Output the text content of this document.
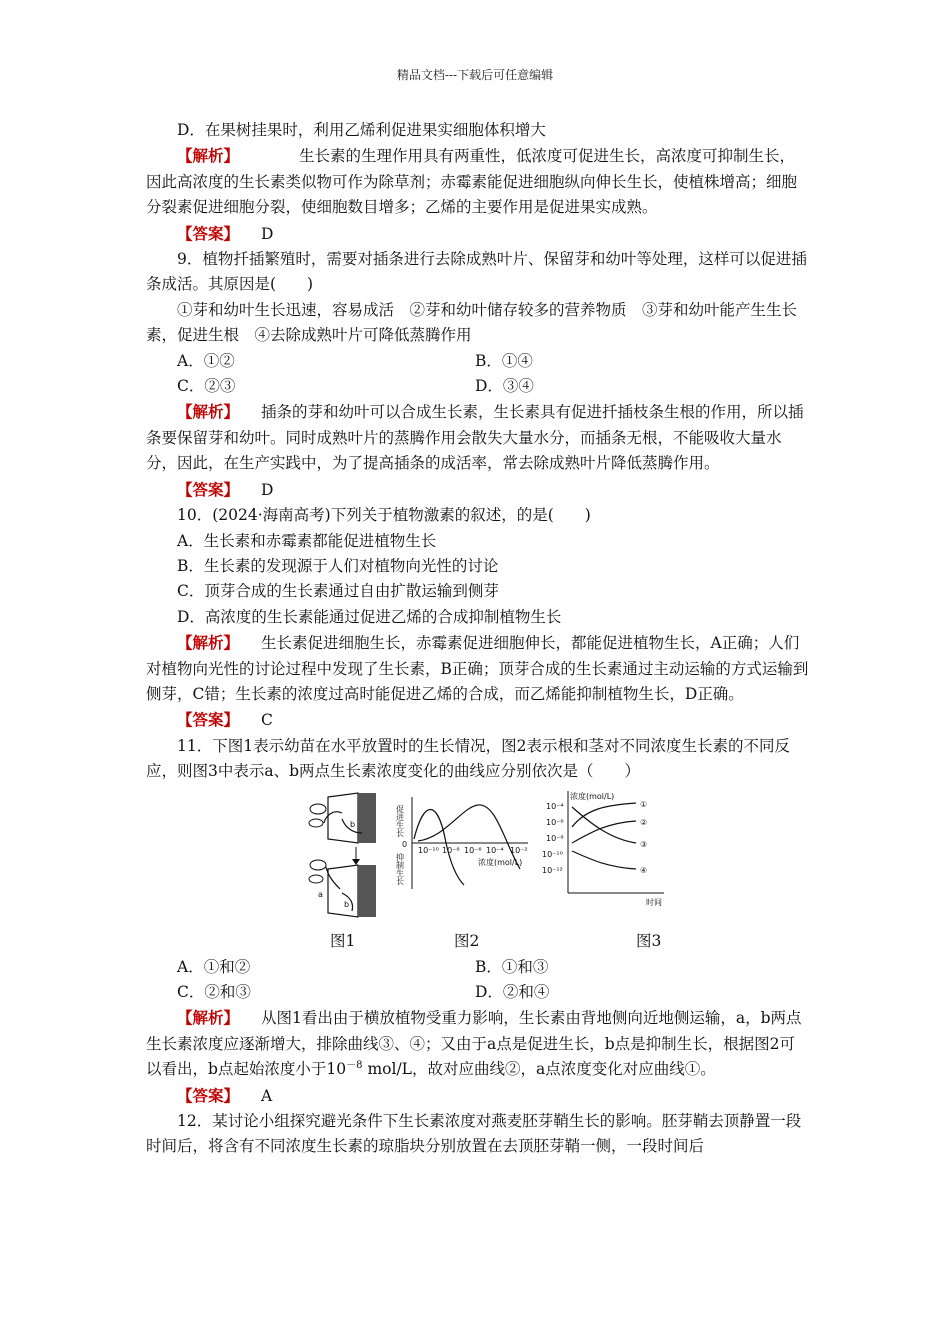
精品文档---下载后可任意编辑

D．在果树挂果时，利用乙烯利促进果实细胞体积增大

【解析】	生长素的生理作用具有两重性，低浓度可促进生长，高浓度可抑制生长，因此高浓度的生长素类似物可作为除草剂；赤霉素能促进细胞纵向伸长生长，使植株增高；细胞分裂素促进细胞分裂，使细胞数目增多；乙烯的主要作用是促进果实成熟。

【答案】 D

9．植物扦插繁殖时，需要对插条进行去除成熟叶片、保留芽和幼叶等处理，这样可以促进插条成活。其原因是(　　)

①芽和幼叶生长迅速，容易成活　②芽和幼叶储存较多的营养物质　③芽和幼叶能产生生长素，促进生根　④去除成熟叶片可降低蒸腾作用

A．①②	B．①④
C．②③	D．③④

【解析】 插条的芽和幼叶可以合成生长素，生长素具有促进扦插枝条生根的作用，所以插条要保留芽和幼叶。同时成熟叶片的蒸腾作用会散失大量水分，而插条无根，不能吸收大量水分，因此，在生产实践中，为了提高插条的成活率，常去除成熟叶片降低蒸腾作用。

【答案】 D

10．(2024·海南高考)下列关于植物激素的叙述，的是(　　)

A．生长素和赤霉素都能促进植物生长

B．生长素的发现源于人们对植物向光性的讨论

C．顶芽合成的生长素通过自由扩散运输到侧芽

D．高浓度的生长素能通过促进乙烯的合成抑制植物生长

【解析】 生长素促进细胞生长，赤霉素促进细胞伸长，都能促进植物生长，A正确；人们对植物向光性的讨论过程中发现了生长素，B正确；顶芽合成的生长素通过主动运输的方式运输到侧芽，C错；生长素的浓度过高时能促进乙烯的合成，而乙烯能抑制植物生长，D正确。

【答案】 C

11．下图1表示幼苗在水平放置时的生长情况，图2表示根和茎对不同浓度生长素的不同反应，则图3中表示a、b两点生长素浓度变化的曲线应分别依次是（　　）

b
a
b
促进生长
0
抑制生长
10⁻¹⁰ 10⁻⁸ 10⁻⁶ 10⁻⁴ 10⁻²
浓度(mol/L)
浓度(mol/L)
10⁻⁴
10⁻⁶
10⁻⁸
10⁻¹⁰
10⁻¹²
①
②
③
④
时间
图1	图2	图3
A．①和②	B．①和③
C．②和③	D．②和④

【解析】 从图1看出由于横放植物受重力影响，生长素由背地侧向近地侧运输，a，b两点生长素浓度应逐渐增大，排除曲线③、④；又由于a点是促进生长，b点是抑制生长，根据图2可以看出，b点起始浓度小于$10^{-8}$ mol/L，故对应曲线②，a点浓度变化对应曲线①。

【答案】 A

12．某讨论小组探究避光条件下生长素浓度对燕麦胚芽鞘生长的影响。胚芽鞘去顶静置一段时间后，将含有不同浓度生长素的琼脂块分别放置在去顶胚芽鞘一侧，一段时间后
